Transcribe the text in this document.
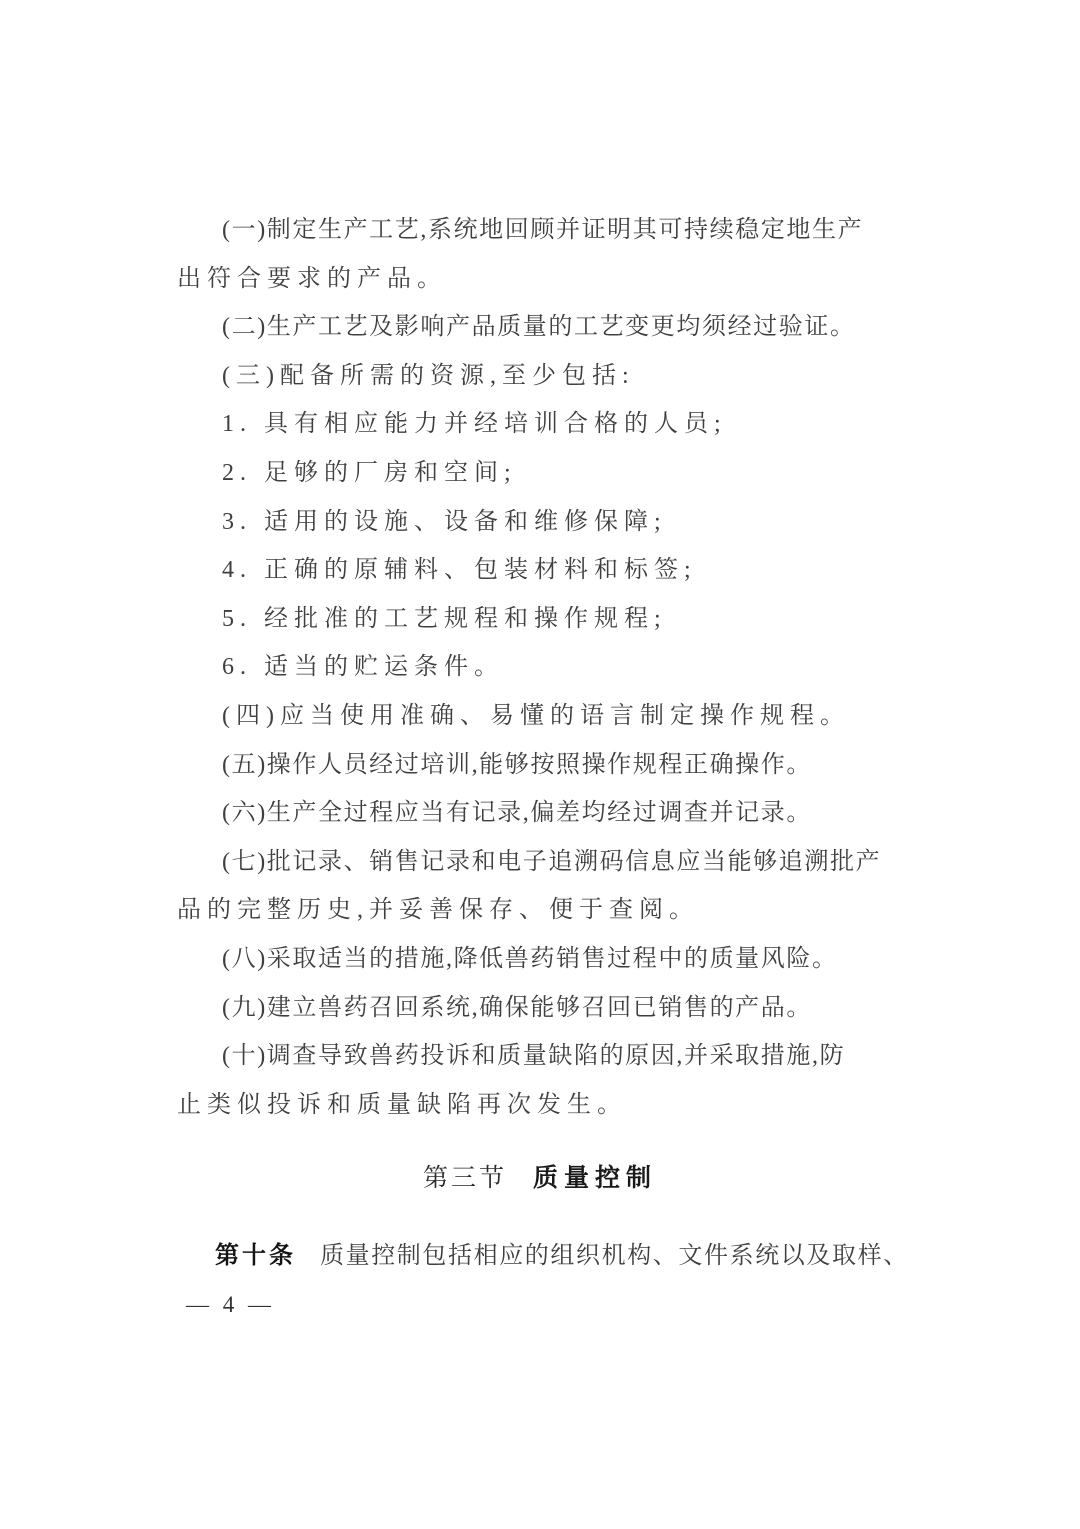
(一)制定生产工艺,系统地回顾并证明其可持续稳定地生产
出符合要求的产品。
(二)生产工艺及影响产品质量的工艺变更均须经过验证。
(三)配备所需的资源,至少包括:
1. 具有相应能力并经培训合格的人员;
2. 足够的厂房和空间;
3. 适用的设施、设备和维修保障;
4. 正确的原辅料、包装材料和标签;
5. 经批准的工艺规程和操作规程;
6. 适当的贮运条件。
(四)应当使用准确、易懂的语言制定操作规程。
(五)操作人员经过培训,能够按照操作规程正确操作。
(六)生产全过程应当有记录,偏差均经过调查并记录。
(七)批记录、销售记录和电子追溯码信息应当能够追溯批产
品的完整历史,并妥善保存、便于查阅。
(八)采取适当的措施,降低兽药销售过程中的质量风险。
(九)建立兽药召回系统,确保能够召回已销售的产品。
(十)调查导致兽药投诉和质量缺陷的原因,并采取措施,防
止类似投诉和质量缺陷再次发生。
第三节 质量控制
第十条 质量控制包括相应的组织机构、文件系统以及取样、
— 4 —
